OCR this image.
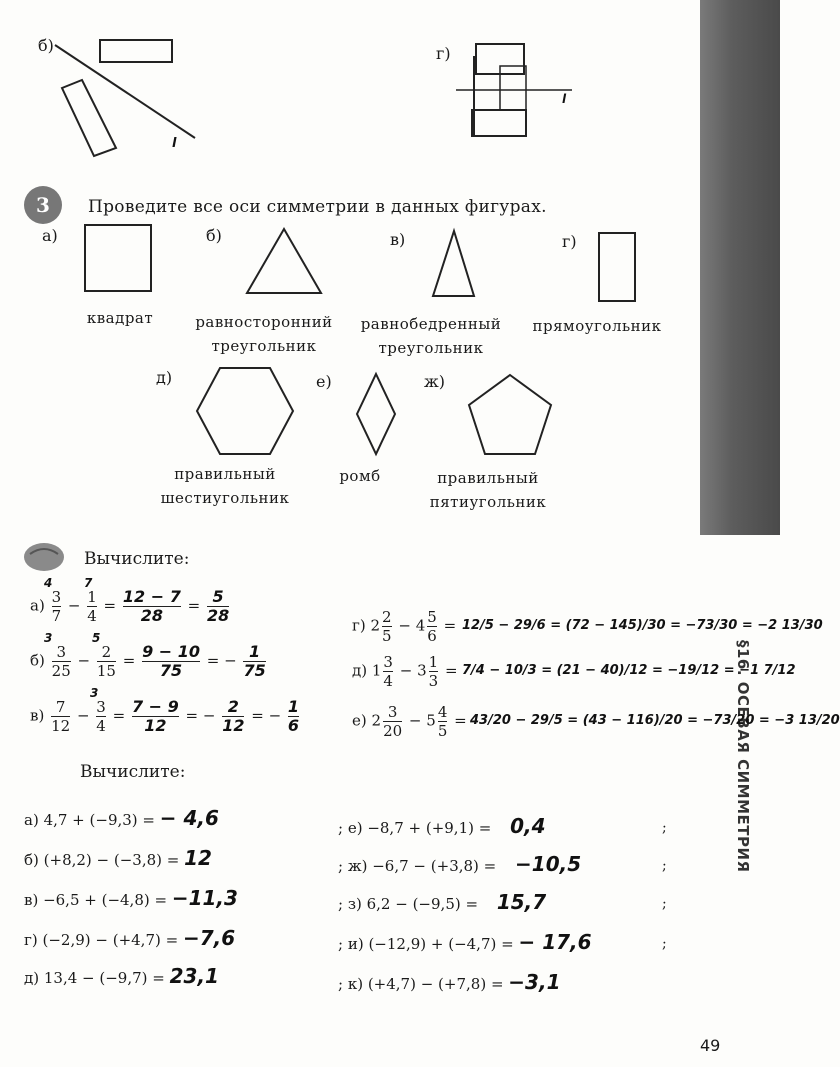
§16. ОСЕВАЯ СИММЕТРИЯ
б)
l
г)
l
3	Проведите все оси симметрии в данных фигурах.
а)
квадрат
б)
равносторонний треугольник
в)
равнобедренный треугольник
г)
прямоугольник
д)
правильный шестиугольник
е)
ромб
ж)
правильный пятиугольник
Вычислите:
$а) \frac{3}{7} - \frac{1}{4} = \frac{12 - 7}{28} = \frac{5}{28}$
4	7
$б) \frac{3}{25} - \frac{2}{15} = \frac{9 - 10}{75}$ = − $\frac{1}{75}$
3	5
$в) \frac{7}{12} - \frac{3}{4} = \frac{7 - 9}{12}$ = − $\frac{2}{12}$ = − $\frac{1}{6}$
3
г) $2 \frac{2}{5} - 4 \frac{5}{6} = 12/5 - 29/6 = (72 - 145)/30 = -73/30 = -2$ 13/30
д) $1 \frac{3}{4} - 3 \frac{1}{3} = 7/4 - 10/3 = (21 - 40)/12 = -19/12 = -1$ 7/12
е) $2 \frac{3}{20} - 5 \frac{4}{5} = 43/20 - 29/5 = (43 - 116)/20 = -73/20 = -3$ 13/20
Вычислите:
а) 4,7 + (−9,3) = − 4,6
б) (+8,2) − (−3,8) = 12
в) −6,5 + (−4,8) = −11,3
г) (−2,9) − (+4,7) = −7,6
д) 13,4 − (−9,7) = 23,1
; е) −8,7 + (+9,1) = 0,4
; ж) −6,7 − (+3,8) = −10,5
; з) 6,2 − (−9,5) = 15,7
; и) (−12,9) + (−4,7) = − 17,6
; к) (+4,7) − (+7,8) = −3,1
;
;
;
;
49
